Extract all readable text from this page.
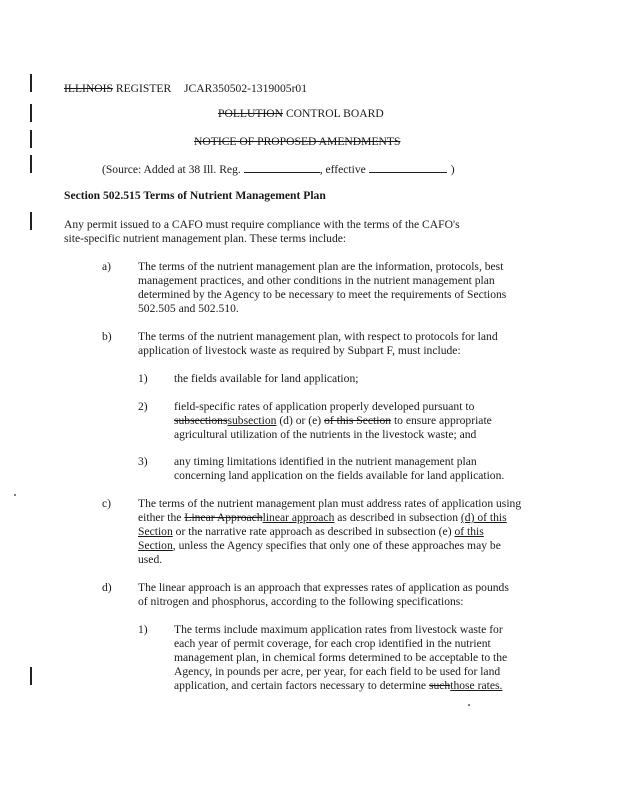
ILLINOIS REGISTER JCAR350502-1319005r01
POLLUTION CONTROL BOARD
NOTICE OF PROPOSED AMENDMENTS
(Source: Added at 38 Ill. Reg.	, effective	)
Section 502.515 Terms of Nutrient Management Plan
Any permit issued to a CAFO must require compliance with the terms of the CAFO's
site-specific nutrient management plan. These terms include:
a) The terms of the nutrient management plan are the information, protocols, best
management practices, and other conditions in the nutrient management plan
determined by the Agency to be necessary to meet the requirements of Sections
502.505 and 502.510.
b) The terms of the nutrient management plan, with respect to protocols for land
application of livestock waste as required by Subpart F, must include:
1) the fields available for land application;
2) field-specific rates of application properly developed pursuant to
subsectionssubsection (d) or (e) of this Section to ensure appropriate
agricultural utilization of the nutrients in the livestock waste; and
3) any timing limitations identified in the nutrient management plan
concerning land application on the fields available for land application.
c) The terms of the nutrient management plan must address rates of application using
either the Linear Approachlinear approach as described in subsection (d) of this
Section or the narrative rate approach as described in subsection (e) of this
Section, unless the Agency specifies that only one of these approaches may be
used.
d) The linear approach is an approach that expresses rates of application as pounds
of nitrogen and phosphorus, according to the following specifications:
1) The terms include maximum application rates from livestock waste for
each year of permit coverage, for each crop identified in the nutrient
management plan, in chemical forms determined to be acceptable to the
Agency, in pounds per acre, per year, for each field to be used for land
application, and certain factors necessary to determine suchthose rates.
